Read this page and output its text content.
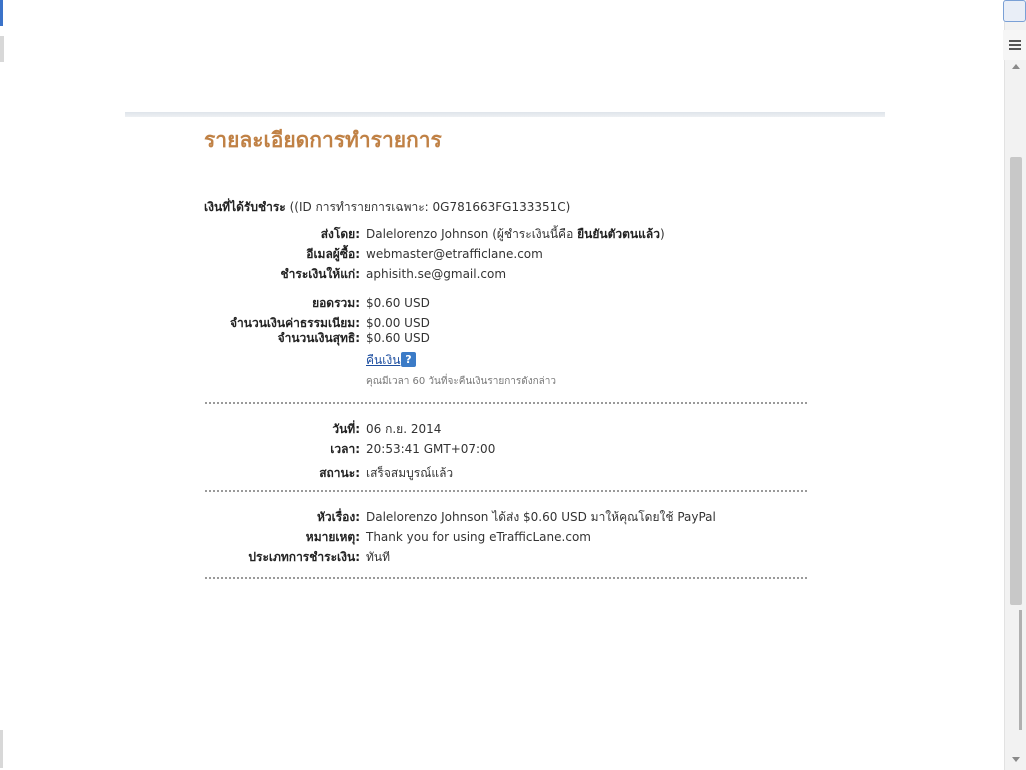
รายละเอียดการทำรายการ
เงินที่ได้รับชำระ ((ID การทำรายการเฉพาะ: 0G781663FG133351C)
ส่งโดย: Dalelorenzo Johnson (ผู้ชำระเงินนี้คือ ยืนยันตัวตนแล้ว)
อีเมลผู้ซื้อ: webmaster@etrafficlane.com
ชำระเงินให้แก่: aphisith.se@gmail.com
ยอดรวม: $0.60 USD
จำนวนเงินค่าธรรมเนียม: $0.00 USD
จำนวนเงินสุทธิ: $0.60 USD
คืนเงิน ?
คุณมีเวลา 60 วันที่จะคืนเงินรายการดังกล่าว
วันที่: 06 ก.ย. 2014
เวลา: 20:53:41 GMT+07:00
สถานะ: เสร็จสมบูรณ์แล้ว
หัวเรื่อง: Dalelorenzo Johnson ได้ส่ง $0.60 USD มาให้คุณโดยใช้ PayPal
หมายเหตุ: Thank you for using eTrafficLane.com
ประเภทการชำระเงิน: ทันที
